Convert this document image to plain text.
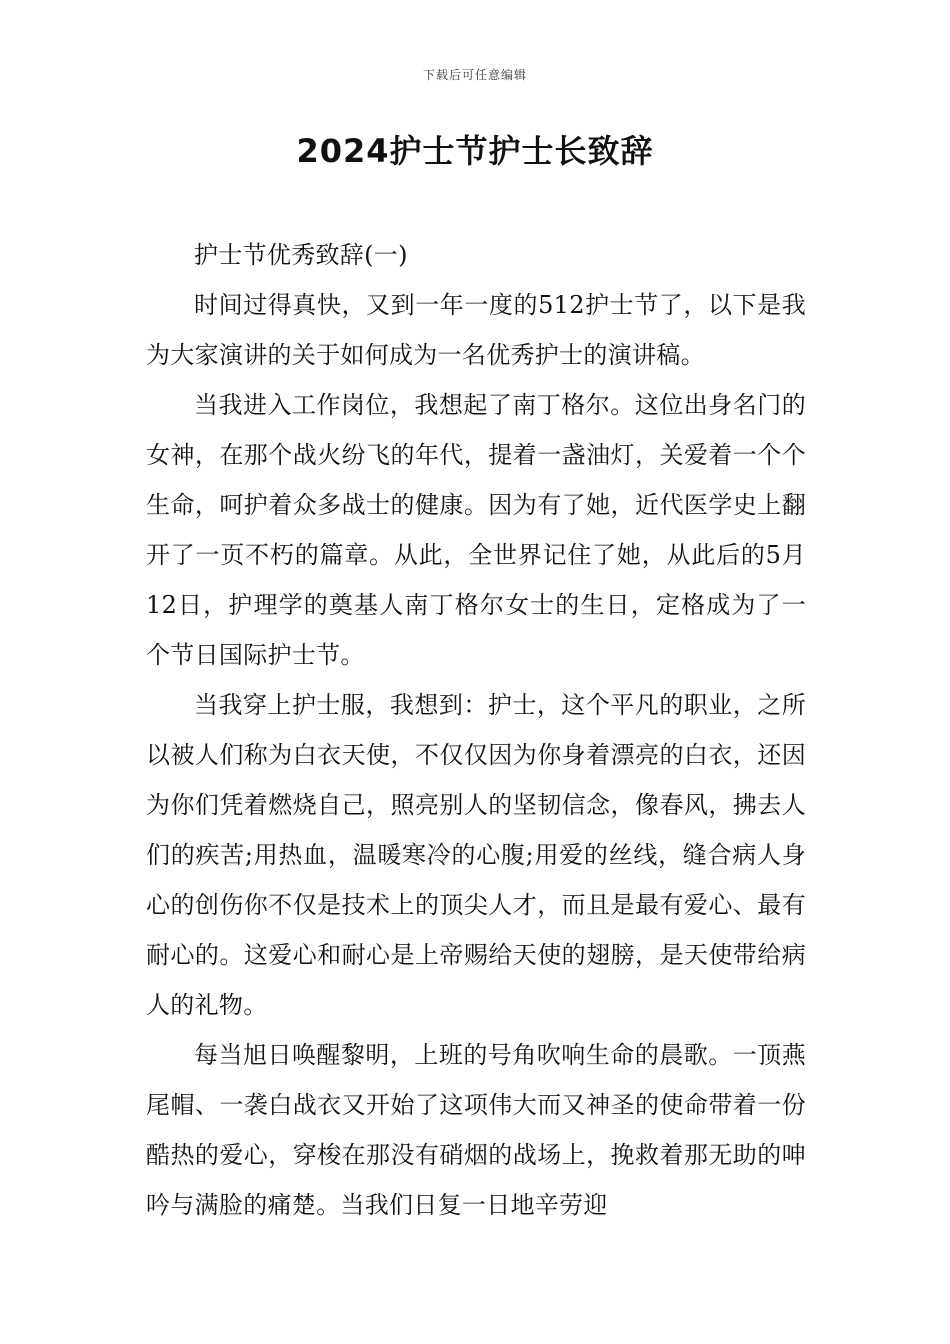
下载后可任意编辑
2024护士节护士长致辞

护士节优秀致辞(一)

时间过得真快，又到一年一度的512护士节了，以下是我为大家演讲的关于如何成为一名优秀护士的演讲稿。

当我进入工作岗位，我想起了南丁格尔。这位出身名门的女神，在那个战火纷飞的年代，提着一盏油灯，关爱着一个个生命，呵护着众多战士的健康。因为有了她，近代医学史上翻开了一页不朽的篇章。从此，全世界记住了她，从此后的5月12日，护理学的奠基人南丁格尔女士的生日，定格成为了一个节日国际护士节。

当我穿上护士服，我想到：护士，这个平凡的职业，之所以被人们称为白衣天使，不仅仅因为你身着漂亮的白衣，还因为你们凭着燃烧自己，照亮别人的坚韧信念，像春风，拂去人们的疾苦;用热血，温暖寒冷的心腹;用爱的丝线，缝合病人身心的创伤你不仅是技术上的顶尖人才，而且是最有爱心、最有耐心的。这爱心和耐心是上帝赐给天使的翅膀，是天使带给病人的礼物。

每当旭日唤醒黎明，上班的号角吹响生命的晨歌。一顶燕尾帽、一袭白战衣又开始了这项伟大而又神圣的使命带着一份酷热的爱心，穿梭在那没有硝烟的战场上，挽救着那无助的呻吟与满脸的痛楚。当我们日复一日地辛劳迎
